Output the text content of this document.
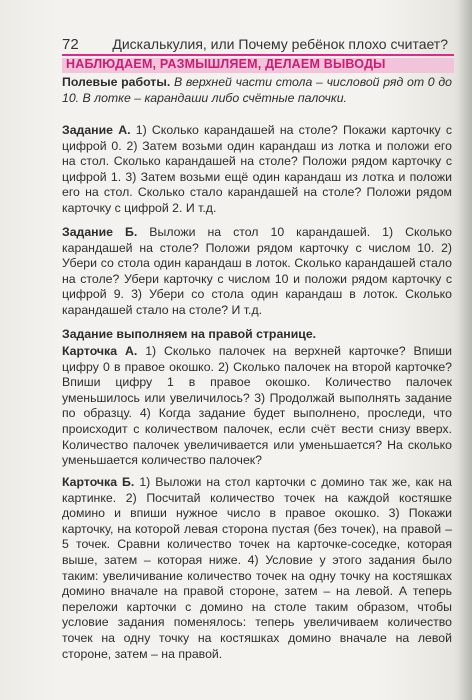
72 Дискалькулия, или Почему ребёнок плохо считает?
НАБЛЮДАЕМ, РАЗМЫШЛЯЕМ, ДЕЛАЕМ ВЫВОДЫ

Полевые работы. В верхней части стола – числовой ряд от 0 до 10. В лотке – карандаши либо счётные палочки.

Задание А. 1) Сколько карандашей на столе? Покажи карточку с цифрой 0. 2) Затем возьми один карандаш из лотка и положи его на стол. Сколько карандашей на столе? Положи рядом карточку с цифрой 1. 3) Затем возьми ещё один карандаш из лотка и положи его на стол. Сколько стало карандашей на столе? Положи рядом карточку с цифрой 2. И т.д.

Задание Б. Выложи на стол 10 карандашей. 1) Сколько карандашей на столе? Положи рядом карточку с числом 10. 2) Убери со стола один карандаш в лоток. Сколько карандашей стало на столе? Убери карточку с числом 10 и положи рядом карточку с цифрой 9. 3) Убери со стола один карандаш в лоток. Сколько карандашей стало на столе? И т.д.

Задание выполняем на правой странице.

Карточка А. 1) Сколько палочек на верхней карточке? Впиши цифру 0 в правое окошко. 2) Сколько палочек на второй карточке? Впиши цифру 1 в правое окошко. Количество палочек уменьшилось или увеличилось? 3) Продолжай выполнять задание по образцу. 4) Когда задание будет выполнено, проследи, что происходит с количеством палочек, если счёт вести снизу вверх. Количество палочек увеличивается или уменьшается? На сколько уменьшается количество палочек?

Карточка Б. 1) Выложи на стол карточки с домино так же, как на картинке. 2) Посчитай количество точек на каждой костяшке домино и впиши нужное число в правое окошко. 3) Покажи карточку, на которой левая сторона пустая (без точек), на правой – 5 точек. Сравни количество точек на карточке-соседке, которая выше, затем – которая ниже. 4) Условие у этого задания было таким: увеличивание количество точек на одну точку на костяшках домино вначале на правой стороне, затем – на левой. А теперь переложи карточки с домино на столе таким образом, чтобы условие задания поменялось: теперь увеличиваем количество точек на одну точку на костяшках домино вначале на левой стороне, затем – на правой.
